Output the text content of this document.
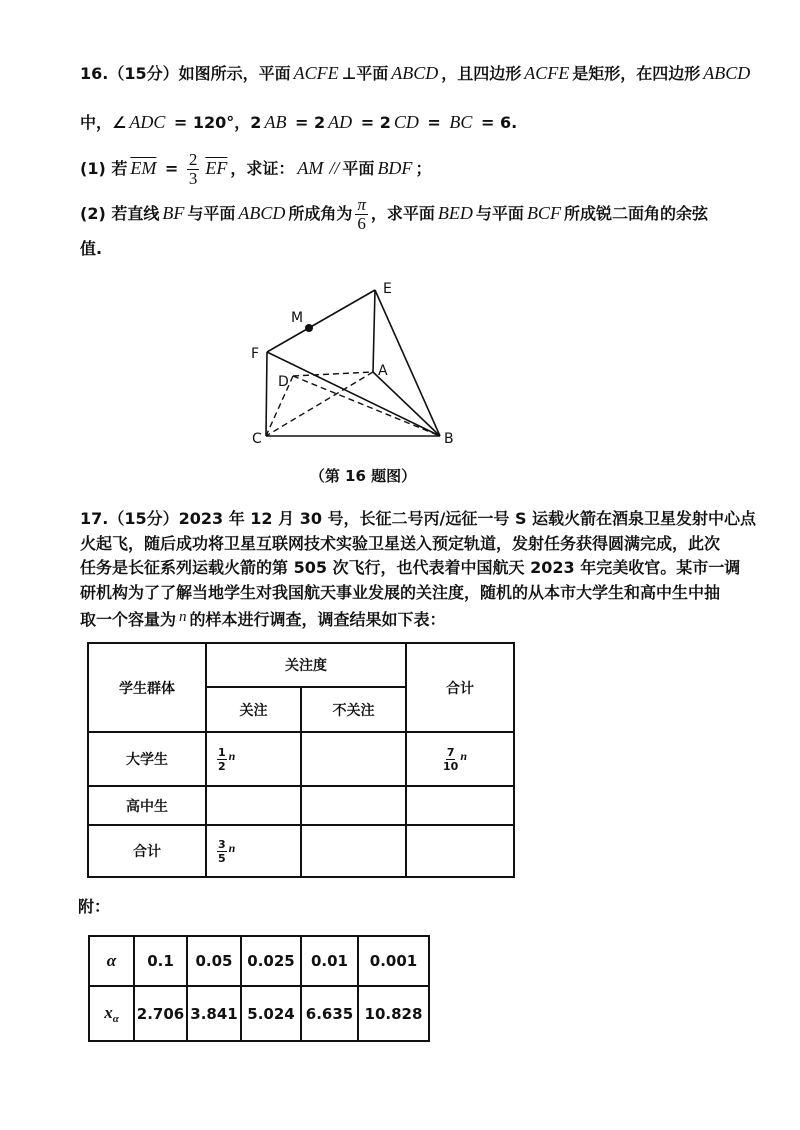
16.（15分）如图所示，平面 ACFE ⊥平面 ABCD ，且四边形 ACFE 是矩形，在四边形 ABCD
中，∠ ADC = 120°，2 AB = 2 AD = 2 CD = BC = 6.
(1) 若 $\overline{EM} = \frac{2}{3} \overline{EF}$ ，求证： AM // 平面 BDF ；
(2) 若直线 BF 与平面 ABCD 所成角为 $\frac{\pi}{6}$ ，求平面 BED 与平面 BCF 所成锐二面角的余弦
值.
E
M
F
D
A
C	B
（第 16 题图）
17.（15分）2023 年 12 月 30 号，长征二号丙/远征一号 S 运载火箭在酒泉卫星发射中心点
火起飞，随后成功将卫星互联网技术实验卫星送入预定轨道，发射任务获得圆满完成，此次
任务是长征系列运载火箭的第 505 次飞行，也代表着中国航天 2023 年完美收官。某市一调
研机构为了了解当地学生对我国航天事业发展的关注度，随机的从本市大学生和高中生中抽
取一个容量为 n 的样本进行调查，调查结果如下表：
学生群体	关注度		合计
	关注	不关注	
大学生	$\frac{1}{2}$ n		$\frac{7}{10}$ n
高中生			
合计	$\frac{3}{5}$ n		
附：
α	0.1	0.05	0.025	0.01	0.001
$x_\alpha$	2.706	3.841	5.024	6.635	10.828
